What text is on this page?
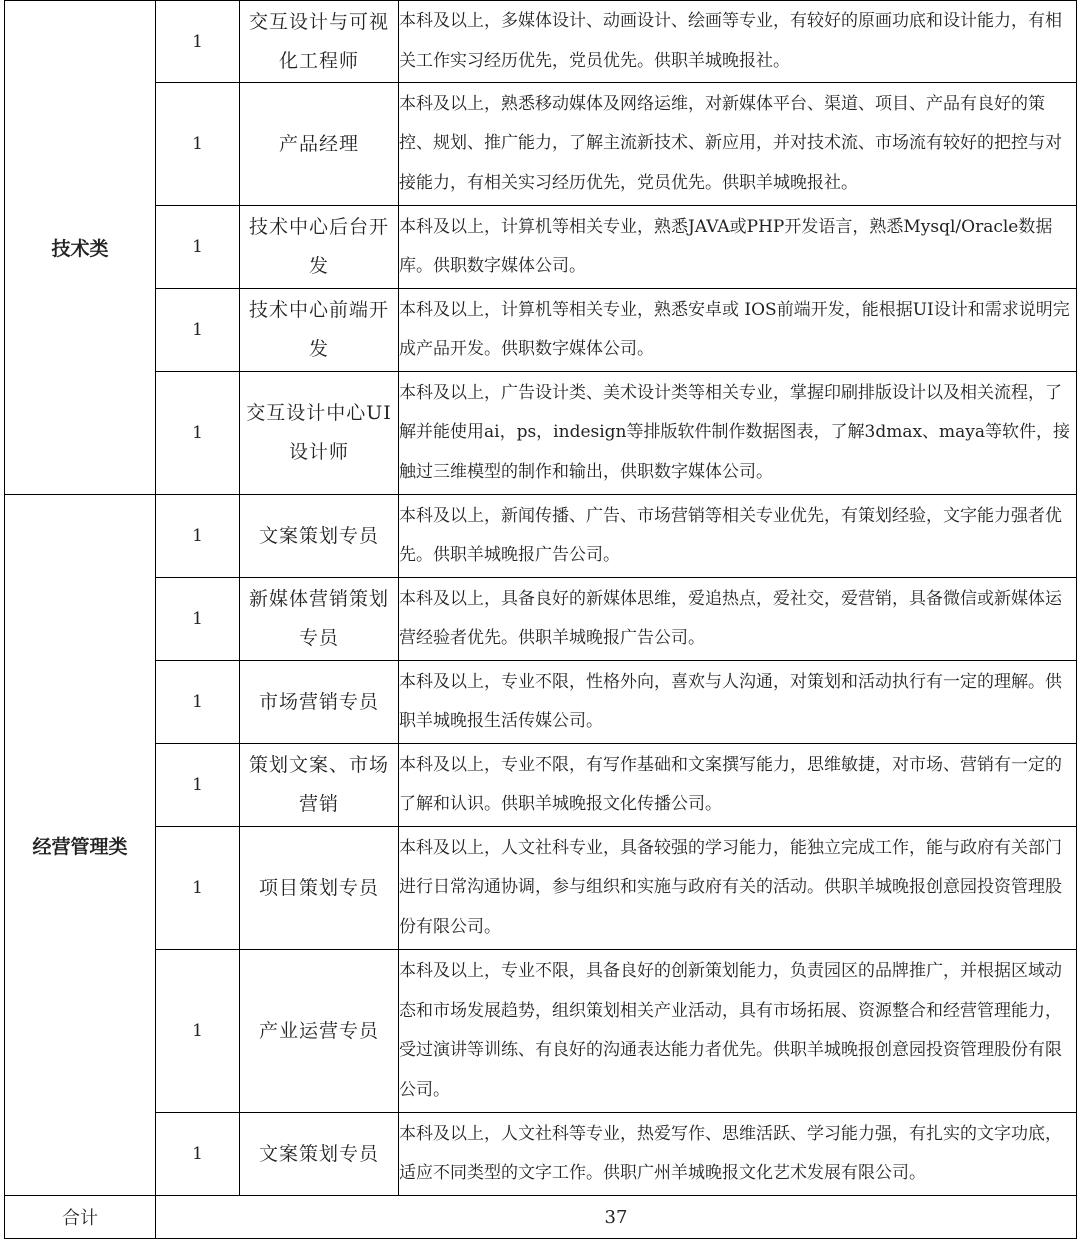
技术类	1	交互设计与可视化工程师	本科及以上，多媒体设计、动画设计、绘画等专业，有较好的原画功底和设计能力，有相关工作实习经历优先，党员优先。供职羊城晚报社。
	1	产品经理	本科及以上，熟悉移动媒体及网络运维，对新媒体平台、渠道、项目、产品有良好的策控、规划、推广能力，了解主流新技术、新应用，并对技术流、市场流有较好的把控与对接能力，有相关实习经历优先，党员优先。供职羊城晚报社。
	1	技术中心后台开发	本科及以上，计算机等相关专业，熟悉JAVA或PHP开发语言，熟悉Mysql/Oracle数据库。供职数字媒体公司。
	1	技术中心前端开发	本科及以上，计算机等相关专业，熟悉安卓或 IOS前端开发，能根据UI设计和需求说明完成产品开发。供职数字媒体公司。
	1	交互设计中心UI设计师	本科及以上，广告设计类、美术设计类等相关专业，掌握印刷排版设计以及相关流程，了解并能使用ai，ps，indesign等排版软件制作数据图表，了解3dmax、maya等软件，接触过三维模型的制作和输出，供职数字媒体公司。
经营管理类	1	文案策划专员	本科及以上，新闻传播、广告、市场营销等相关专业优先，有策划经验，文字能力强者优先。供职羊城晚报广告公司。
	1	新媒体营销策划专员	本科及以上，具备良好的新媒体思维，爱追热点，爱社交，爱营销，具备微信或新媒体运营经验者优先。供职羊城晚报广告公司。
	1	市场营销专员	本科及以上，专业不限，性格外向，喜欢与人沟通，对策划和活动执行有一定的理解。供职羊城晚报生活传媒公司。
	1	策划文案、市场营销	本科及以上，专业不限，有写作基础和文案撰写能力，思维敏捷，对市场、营销有一定的了解和认识。供职羊城晚报文化传播公司。
	1	项目策划专员	本科及以上，人文社科专业，具备较强的学习能力，能独立完成工作，能与政府有关部门进行日常沟通协调，参与组织和实施与政府有关的活动。供职羊城晚报创意园投资管理股份有限公司。
	1	产业运营专员	本科及以上，专业不限，具备良好的创新策划能力，负责园区的品牌推广，并根据区域动态和市场发展趋势，组织策划相关产业活动，具有市场拓展、资源整合和经营管理能力，受过演讲等训练、有良好的沟通表达能力者优先。供职羊城晚报创意园投资管理股份有限公司。
	1	文案策划专员	本科及以上，人文社科等专业，热爱写作、思维活跃、学习能力强，有扎实的文字功底，适应不同类型的文字工作。供职广州羊城晚报文化艺术发展有限公司。
合计	37		
